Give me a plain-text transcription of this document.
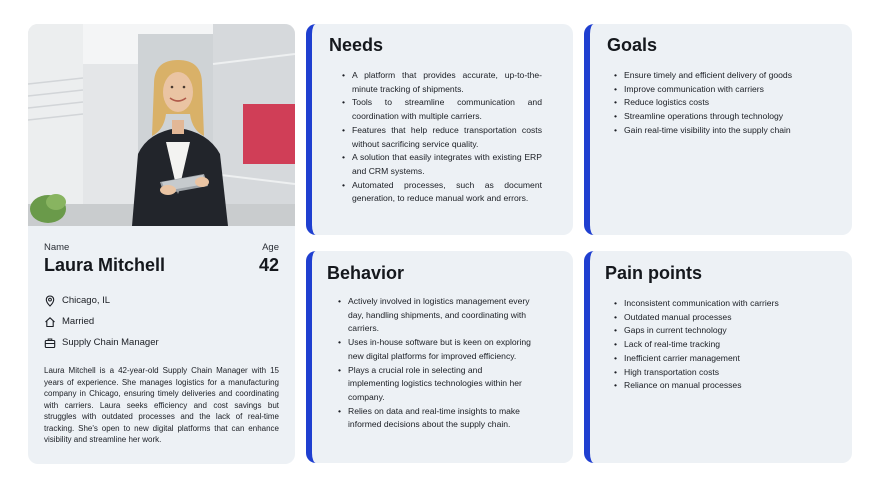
Name
Laura Mitchell
Age
42
Chicago, IL
Married
Supply Chain Manager

Laura Mitchell is a 42-year-old Supply Chain Manager with 15 years of experience. She manages logistics for a manufacturing company in Chicago, ensuring timely deliveries and coordinating with carriers. Laura seeks efficiency and cost savings but struggles with outdated processes and the lack of real-time tracking. She's open to new digital platforms that can enhance visibility and streamline her work.

Needs
• A platform that provides accurate, up-to-the-minute tracking of shipments.
• Tools to streamline communication and coordination with multiple carriers.
• Features that help reduce transportation costs without sacrificing service quality.
• A solution that easily integrates with existing ERP and CRM systems.
• Automated processes, such as document generation, to reduce manual work and errors.
Goals
• Ensure timely and efficient delivery of goods
• Improve communication with carriers
• Reduce logistics costs
• Streamline operations through technology
• Gain real-time visibility into the supply chain
Behavior
• Actively involved in logistics management every day, handling shipments, and coordinating with carriers.
• Uses in-house software but is keen on exploring new digital platforms for improved efficiency.
• Plays a crucial role in selecting and implementing logistics technologies within her company.
• Relies on data and real-time insights to make informed decisions about the supply chain.
Pain points
• Inconsistent communication with carriers
• Outdated manual processes
• Gaps in current technology
• Lack of real-time tracking
• Inefficient carrier management
• High transportation costs
• Reliance on manual processes
